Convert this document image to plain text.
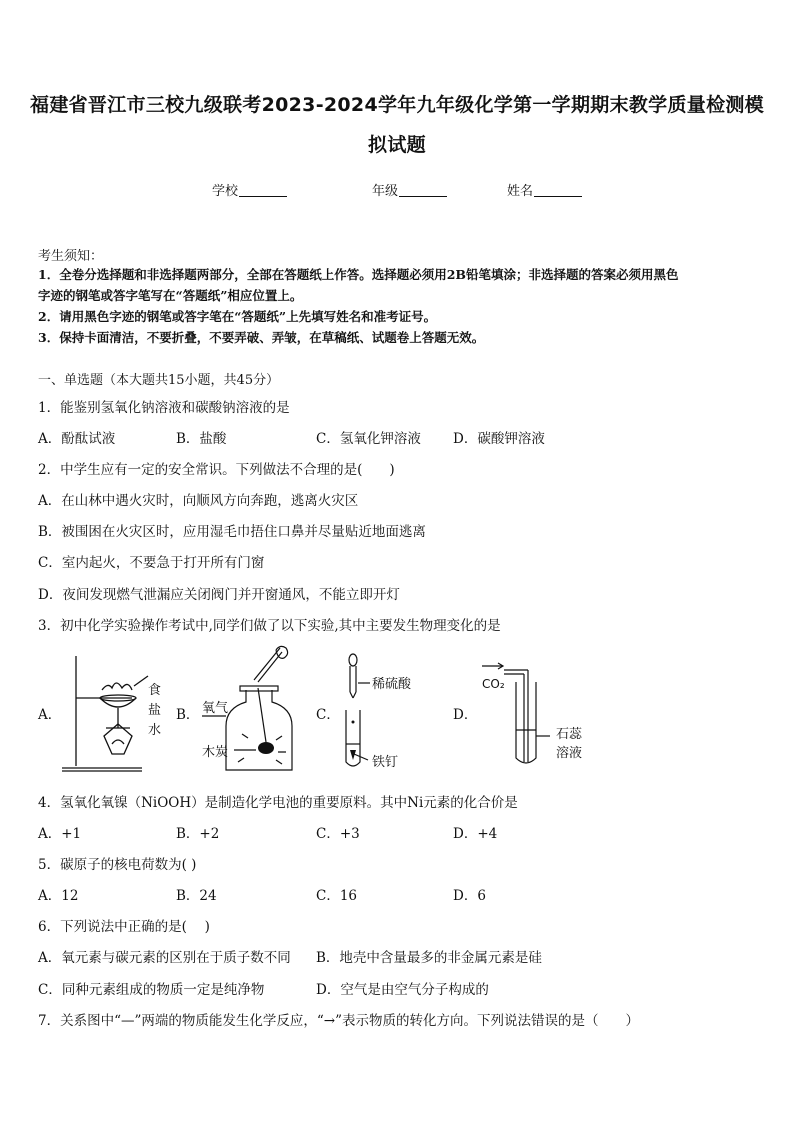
福建省晋江市三校九级联考2023-2024学年九年级化学第一学期期末教学质量检测模
拟试题
学校	年级	姓名
考生须知：
1．全卷分选择题和非选择题两部分，全部在答题纸上作答。选择题必须用2B铅笔填涂；非选择题的答案必须用黑色
字迹的钢笔或答字笔写在“答题纸”相应位置上。
2．请用黑色字迹的钢笔或答字笔在“答题纸”上先填写姓名和准考证号。
3．保持卡面清洁，不要折叠，不要弄破、弄皱，在草稿纸、试题卷上答题无效。
一、单选题（本大题共15小题，共45分）
1．能鉴别氢氧化钠溶液和碳酸钠溶液的是
A．酚酞试液	B．盐酸	C．氢氧化钾溶液 D．碳酸钾溶液
2．中学生应有一定的安全常识。下列做法不合理的是(　　)
A．在山林中遇火灾时，向顺风方向奔跑，逃离火灾区
B．被围困在火灾区时，应用湿毛巾捂住口鼻并尽量贴近地面逃离
C．室内起火，不要急于打开所有门窗
D．夜间发现燃气泄漏应关闭阀门并开窗通风，不能立即开灯
3．初中化学实验操作考试中,同学们做了以下实验,其中主要发生物理变化的是
A．	B．	C．	D．
食
盐
水
氧气
木炭
稀硫酸
铁钉
CO₂
石蕊
溶液
4．氢氧化氧镍（NiOOH）是制造化学电池的重要原料。其中Ni元素的化合价是
A．+1	B．+2	C．+3	D．+4
5．碳原子的核电荷数为( )
A．12	B．24	C．16	D．6
6．下列说法中正确的是(　 )
A．氧元素与碳元素的区别在于质子数不同 B．地壳中含量最多的非金属元素是硅
C．同种元素组成的物质一定是纯净物	D．空气是由空气分子构成的
7．关系图中“—”两端的物质能发生化学反应，“→”表示物质的转化方向。下列说法错误的是（　　）
